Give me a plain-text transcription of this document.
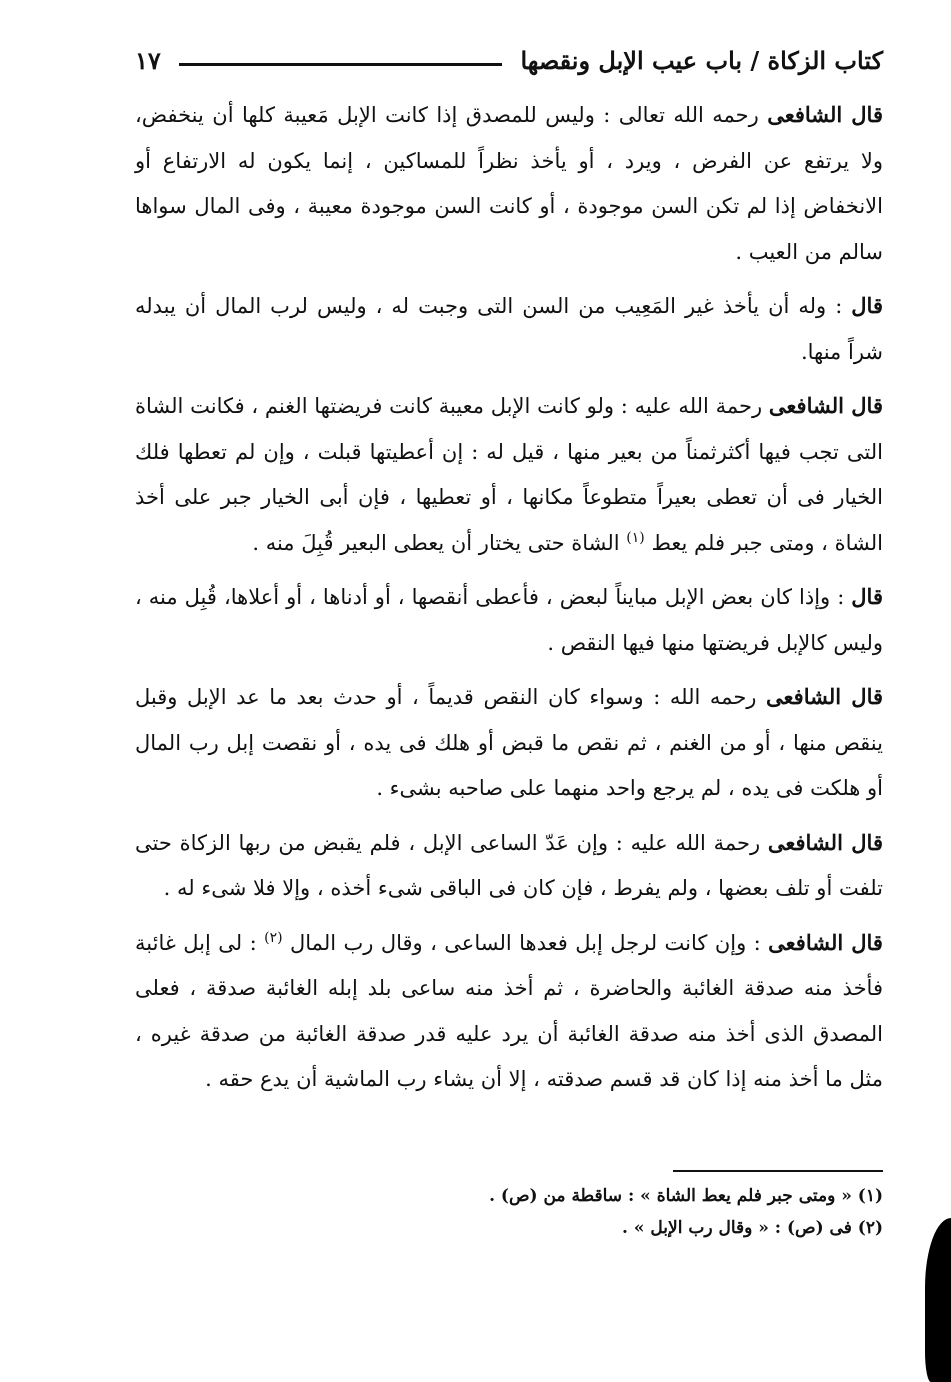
كتاب الزكاة / باب عيب الإبل ونقصها
١٧

قال الشافعى رحمه الله تعالى : وليس للمصدق إذا كانت الإبل مَعيبة كلها أن ينخفض، ولا يرتفع عن الفرض ، ويرد ، أو يأخذ نظراً للمساكين ، إنما يكون له الارتفاع أو الانخفاض إذا لم تكن السن موجودة ، أو كانت السن موجودة معيبة ، وفى المال سواها سالم من العيب .

قال : وله أن يأخذ غير المَعِيب من السن التى وجبت له ، وليس لرب المال أن يبدله شراً منها.

قال الشافعى رحمة الله عليه : ولو كانت الإبل معيبة كانت فريضتها الغنم ، فكانت الشاة التى تجب فيها أكثرثمناً من بعير منها ، قيل له : إن أعطيتها قبلت ، وإن لم تعطها فلك الخيار فى أن تعطى بعيراً متطوعاً مكانها ، أو تعطيها ، فإن أبى الخيار جبر على أخذ الشاة ، ومتى جبر فلم يعط $^{(١)}$ الشاة حتى يختار أن يعطى البعير قُبِلَ منه .

قال : وإذا كان بعض الإبل مبايناً لبعض ، فأعطى أنقصها ، أو أدناها ، أو أعلاها، قُبِل منه ، وليس كالإبل فريضتها منها فيها النقص .

قال الشافعى رحمه الله : وسواء كان النقص قديماً ، أو حدث بعد ما عد الإبل وقبل ينقص منها ، أو من الغنم ، ثم نقص ما قبض أو هلك فى يده ، أو نقصت إبل رب المال أو هلكت فى يده ، لم يرجع واحد منهما على صاحبه بشىء .

قال الشافعى رحمة الله عليه : وإن عَدّ الساعى الإبل ، فلم يقبض من ربها الزكاة حتى تلفت أو تلف بعضها ، ولم يفرط ، فإن كان فى الباقى شىء أخذه ، وإلا فلا شىء له .

قال الشافعى : وإن كانت لرجل إبل فعدها الساعى ، وقال رب المال $^{(٢)}$ : لى إبل غائبة فأخذ منه صدقة الغائبة والحاضرة ، ثم أخذ منه ساعى بلد إبله الغائبة صدقة ، فعلى المصدق الذى أخذ منه صدقة الغائبة أن يرد عليه قدر صدقة الغائبة من صدقة غيره ، مثل ما أخذ منه إذا كان قد قسم صدقته ، إلا أن يشاء رب الماشية أن يدع حقه .

(١) « ومتى جبر فلم يعط الشاة » : ساقطة من (ص) .

(٢) فى (ص) : « وقال رب الإبل » .
